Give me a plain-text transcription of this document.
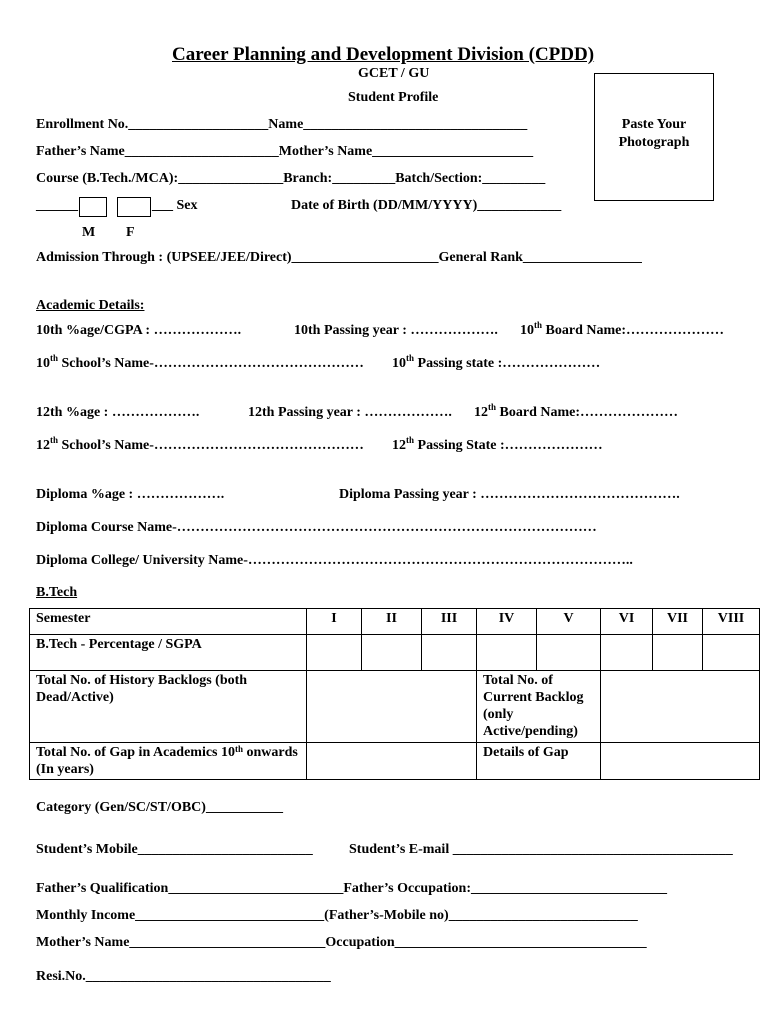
Career Planning and Development Division (CPDD)
GCET / GU
Student Profile
Paste Your
Photograph
Enrollment No.____________________Name________________________________
Father’s Name______________________Mother’s Name_______________________
Course (B.Tech./MCA):_______________Branch:_________Batch/Section:_________
______	___ Sex
M F
Date of Birth (DD/MM/YYYY)____________
Admission Through : (UPSEE/JEE/Direct)_____________________General Rank_________________
Academic Details:
10th %age/CGPA : ……………….	10th Passing year : ………………. 10th Board Name:…………………
10th School’s Name-……………………………………… 10th Passing state :…………………
12th %age : ……………….	12th Passing year : ………………. 12th Board Name:…………………
12th School’s Name-……………………………………… 12th Passing State :…………………
Diploma %age : ……………….	Diploma Passing year : …………………………………….
Diploma Course Name-………………………………………………………………………………
Diploma College/ University Name-………………………………………………………………………..
B.Tech
Semester	I	II	III	IV	V	VI	VII	VIII
B.Tech - Percentage / SGPA								
Total No. of History Backlogs (both Dead/Active)				Total No. of Current Backlog (only Active/pending)				
Total No. of Gap in Academics 10th onwards (In years)				Details of Gap				
Category (Gen/SC/ST/OBC)___________
Student’s Mobile_________________________	Student’s E-mail ________________________________________
Father’s Qualification_________________________Father’s Occupation:____________________________
Monthly Income___________________________(Father’s-Mobile no)___________________________
Mother’s Name____________________________Occupation____________________________________
Resi.No.___________________________________
